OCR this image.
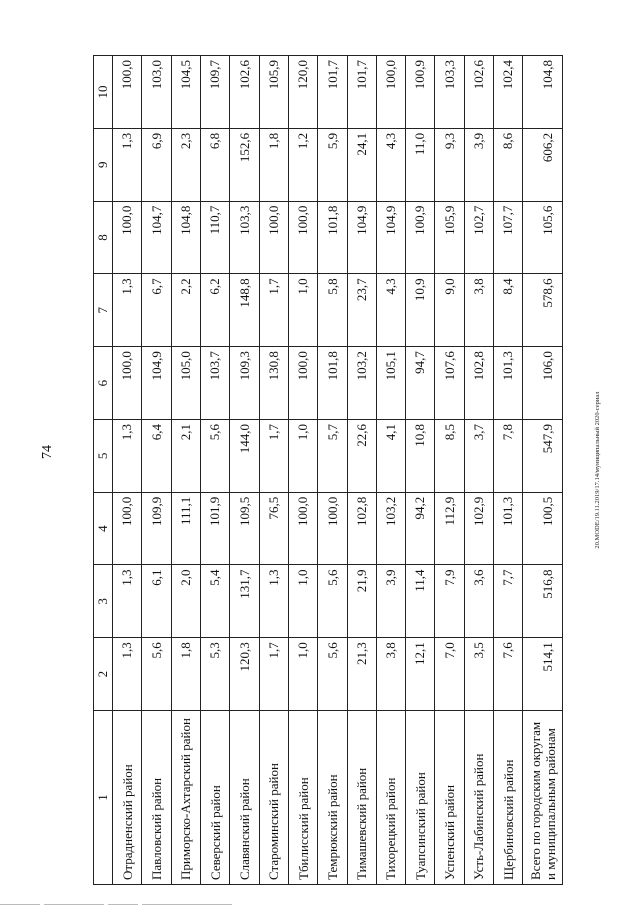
74
1	2	3	4	5	6	7	8	9	10
Отрадненский район	1,3	1,3	100,0	1,3	100,0	1,3	100,0	1,3	100,0
Павловский район	5,6	6,1	109,9	6,4	104,9	6,7	104,7	6,9	103,0
Приморско-Ахтарский район	1,8	2,0	111,1	2,1	105,0	2,2	104,8	2,3	104,5
Северский район	5,3	5,4	101,9	5,6	103,7	6,2	110,7	6,8	109,7
Славянский район	120,3	131,7	109,5	144,0	109,3	148,8	103,3	152,6	102,6
Староминский район	1,7	1,3	76,5	1,7	130,8	1,7	100,0	1,8	105,9
Тбилисский район	1,0	1,0	100,0	1,0	100,0	1,0	100,0	1,2	120,0
Темрюкский район	5,6	5,6	100,0	5,7	101,8	5,8	101,8	5,9	101,7
Тимашевский район	21,3	21,9	102,8	22,6	103,2	23,7	104,9	24,1	101,7
Тихорецкий район	3,8	3,9	103,2	4,1	105,1	4,3	104,9	4,3	100,0
Туапсинский район	12,1	11,4	94,2	10,8	94,7	10,9	100,9	11,0	100,9
Успенский район	7,0	7,9	112,9	8,5	107,6	9,0	105,9	9,3	103,3
Усть-Лабинский район	3,5	3,6	102,9	3,7	102,8	3,8	102,7	3,9	102,6
Щербиновский район	7,6	7,7	101,3	7,8	101,3	8,4	107,7	8,6	102,4
Всего по городским округам и муниципальным районам	514,1	516,8	100,5	547,9	106,0	578,6	105,6	606,2	104,8
20.MODE/19.11.2019/17.14/муниципальный 2020-сериал
